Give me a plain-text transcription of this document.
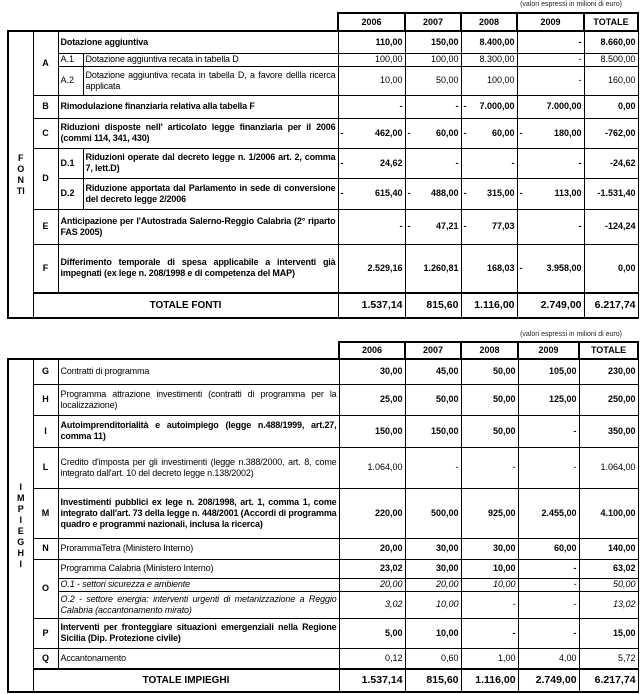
(valori espressi in milioni di euro)
				2006	2007	2008	2009	TOTALE
FONTI	A	Dotazione aggiuntiva		110,00	150,00	8.400,00	-	8.660,00
		A.1	Dotazione aggiuntiva recata in tabella D	100,00	100,00	8.300,00	-	8.500,00
		A.2	Dotazione aggiuntiva recata in tabella D, a favore dellla ricerca applicata	10,00	50,00	100,00	-	160,00
	B	Rimodulazione finanziaria relativa alla tabella F		-	-	- 7.000,00	7.000,00	0,00
	C	Riduzioni disposte nell' articolato legge finanziaria per il 2006 (commi 114, 341, 430)		- 462,00	- 60,00	- 60,00	- 180,00	-762,00
	D	D.1	Riduzioni operate dal decreto legge n. 1/2006 art. 2, comma 7, lett.D)	- 24,62	-	-	-	-24,62
		D.2	Riduzione apportata dal Parlamento in sede di conversione del decreto legge 2/2006	- 615,40	- 488,00	- 315,00	- 113,00	-1.531,40
	E	Anticipazione per l'Autostrada Salerno-Reggio Calabria (2° riparto FAS 2005)		-	- 47,21	- 77,03	-	-124,24
	F	Differimento temporale di spesa applicabile a interventi già impegnati (ex lege n. 208/1998 e di competenza del MAP)		2.529,16	1.260,81	168,03	- 3.958,00	0,00
	TOTALE FONTI			1.537,14	815,60	1.116,00	2.749,00	6.217,74
(valori espressi in milioni di euro)
			2006	2007	2008	2009	TOTALE
IMPIEGHI	G	Contratti di programma	30,00	45,00	50,00	105,00	230,00
	H	Programma attrazione investimenti (contratti di programma per la localizzazione)	25,00	50,00	50,00	125,00	250,00
	I	Autoimprenditorialità e autoimpiego (legge n.488/1999, art.27, comma 11)	150,00	150,00	50,00	-	350,00
	L	Credito d'imposta per gli investimenti (legge n.388/2000, art. 8, come integrato dall'art. 10 del decreto legge n.138/2002)	1.064,00	-	-	-	1.064,00
	M	Investimenti pubblici ex lege n. 208/1998, art. 1, comma 1, come integrato dall'art. 73 della legge n. 448/2001 (Accordi di programma quadro e programmi nazionali, inclusa la ricerca)	220,00	500,00	925,00	2.455,00	4.100,00
	N	ProrammaTetra (Ministero Interno)	20,00	30,00	30,00	60,00	140,00
	O	Programma Calabria (Ministero Interno)	23,02	30,00	10,00	-	63,02
		O.1 - settori sicurezza e ambiente	20,00	20,00	10,00	-	50,00
		O.2 - settore energia: interventi urgenti di metanizzazione a Reggio Calabria (accantonamento mirato)	3,02	10,00	-	-	13,02
	P	Interventi per fronteggiare situazioni emergenziali nella Regione Sicilia (Dip. Protezione civile)	5,00	10,00	-	-	15,00
	Q	Accantonamento	0,12	0,60	1,00	4,00	5,72
	TOTALE IMPIEGHI		1.537,14	815,60	1.116,00	2.749,00	6.217,74
